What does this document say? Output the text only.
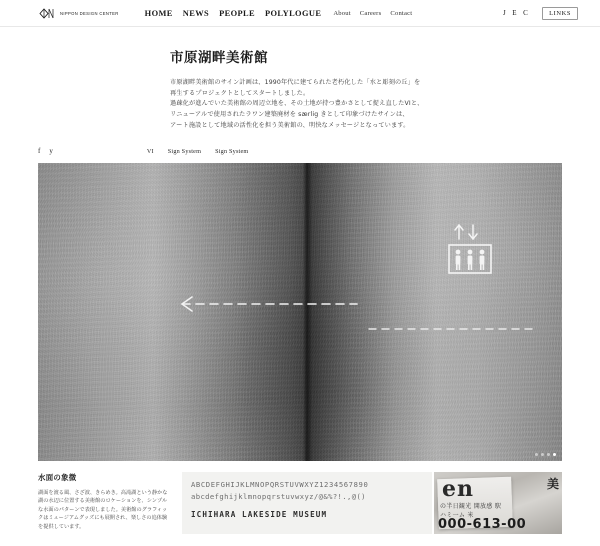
NIPPON DESIGN CENTER	HOME NEWS PEOPLE POLYLOGUE About Careers Contact	J E C	LINKS
市原湖畔美術館

市原湖畔美術館のサイン計画は、1990年代に建てられた老朽化した「水と彫刻の丘」を

再生するプロジェクトとしてスタートしました。

過疎化が進んでいた美術館の周辺立地を、その土地が持つ豊かさとして捉え直したVIと、

リニューアルで使用されたラワン建築廃材を særlig きとして印象づけたサインは、

アート施設として地域の活性化を担う美術館の、明快なメッセージとなっています。

f y	VI Sign System Sign System
水面の象徴
湖面を渡る風、さざ波、きらめき。高滝湖という静かな湖の水辺に位置する美術館のロケーションを、シンプルな水面のパターンで表現しました。美術館のグラフィックはミュージアムグッズにも展開され、楽しさの追体験を提供しています。
ABCDEFGHIJKLMNOPQRSTUVWXYZ1234567890
abcdefghijklmnopqrstuvwxyz/@&%?!.,@()
ICHIHARA LAKESIDE MUSEUM
en	美
の半日観光 開放感 駅
ハミ一ム 米
000-613-00
